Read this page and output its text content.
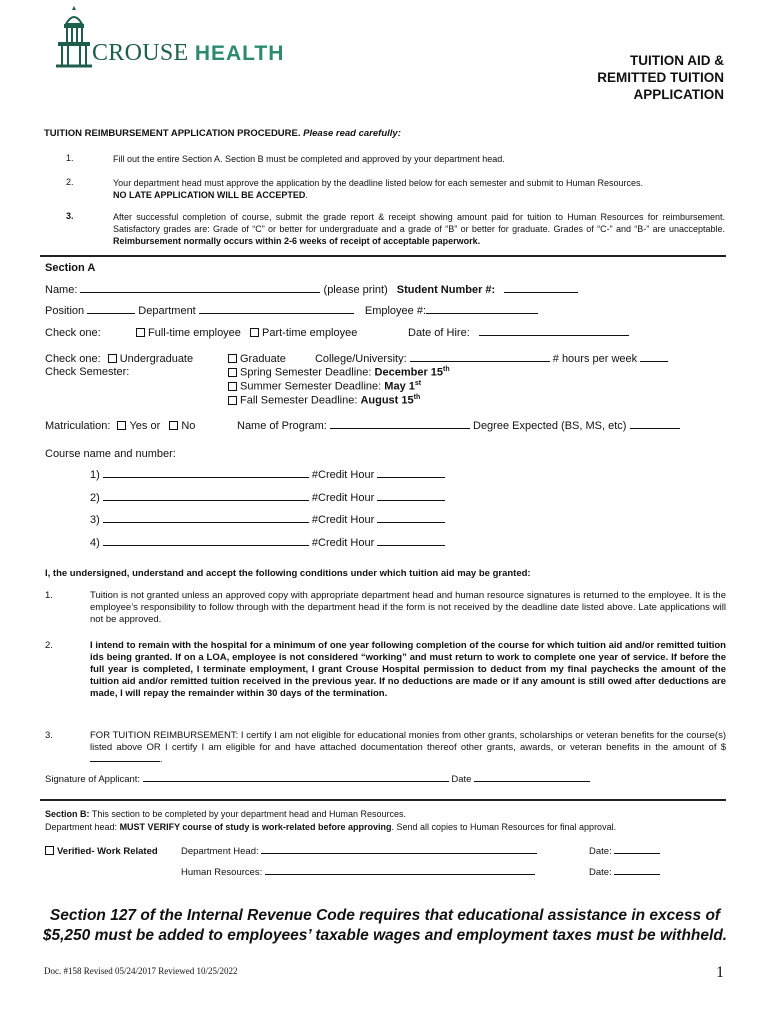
CROUSE HEALTH	TUITION AID &
REMITTED TUITION
APPLICATION
TUITION REIMBURSEMENT APPLICATION PROCEDURE. Please read carefully:
1.	Fill out the entire Section A. Section B must be completed and approved by your department head.
2.	Your department head must approve the application by the deadline listed below for each semester and submit to Human Resources.
NO LATE APPLICATION WILL BE ACCEPTED.
3.	After successful completion of course, submit the grade report & receipt showing amount paid for tuition to Human Resources for reimbursement. Satisfactory grades are: Grade of “C” or better for undergraduate and a grade of “B” or better for graduate. Grades of “C-” and “B-” are unacceptable. Reimbursement normally occurs within 2-6 weeks of receipt of acceptable paperwork.
Section A
Name:	(please print) Student Number #:
Position	Department	Employee #:
Check one:	Full-time employee Part-time employee	Date of Hire:
Check one: Undergraduate
Check Semester:
Graduate	College/University:	# hours per week
Spring Semester Deadline: December 15th
Summer Semester Deadline: May 1st
Fall Semester Deadline: August 15th
Matriculation: Yes or No	Name of Program:	Degree Expected (BS, MS, etc)
Course name and number:
1)	#Credit Hour
2)	#Credit Hour
3)	#Credit Hour
4)	#Credit Hour
I, the undersigned, understand and accept the following conditions under which tuition aid may be granted:
1.	Tuition is not granted unless an approved copy with appropriate department head and human resource signatures is returned to the employee. It is the employee’s responsibility to follow through with the department head if the form is not received by the deadline date listed above. Late applications will not be approved.
2.	I intend to remain with the hospital for a minimum of one year following completion of the course for which tuition aid and/or remitted tuition ids being granted. If on a LOA, employee is not considered “working” and must return to work to complete one year of service. If before the full year is completed, I terminate employment, I grant Crouse Hospital permission to deduct from my final paychecks the amount of the tuition aid and/or remitted tuition received in the previous year. If no deductions are made or if any amount is still owed after deductions are made, I will repay the remainder within 30 days of the termination.
3.	FOR TUITION REIMBURSEMENT: I certify I am not eligible for educational monies from other grants, scholarships or veteran benefits for the course(s) listed above OR I certify I am eligible for and have attached documentation thereof other grants, awards, or veteran benefits in the amount of $ .
Signature of Applicant:	Date
Section B: This section to be completed by your department head and Human Resources.
Department head: MUST VERIFY course of study is work-related before approving. Send all copies to Human Resources for final approval.
Verified- Work Related Department Head:	Date:
Human Resources:	Date:
Section 127 of the Internal Revenue Code requires that educational assistance in excess of
$5,250 must be added to employees’ taxable wages and employment taxes must be withheld.
Doc. #158 Revised 05/24/2017 Reviewed 10/25/2022	1
